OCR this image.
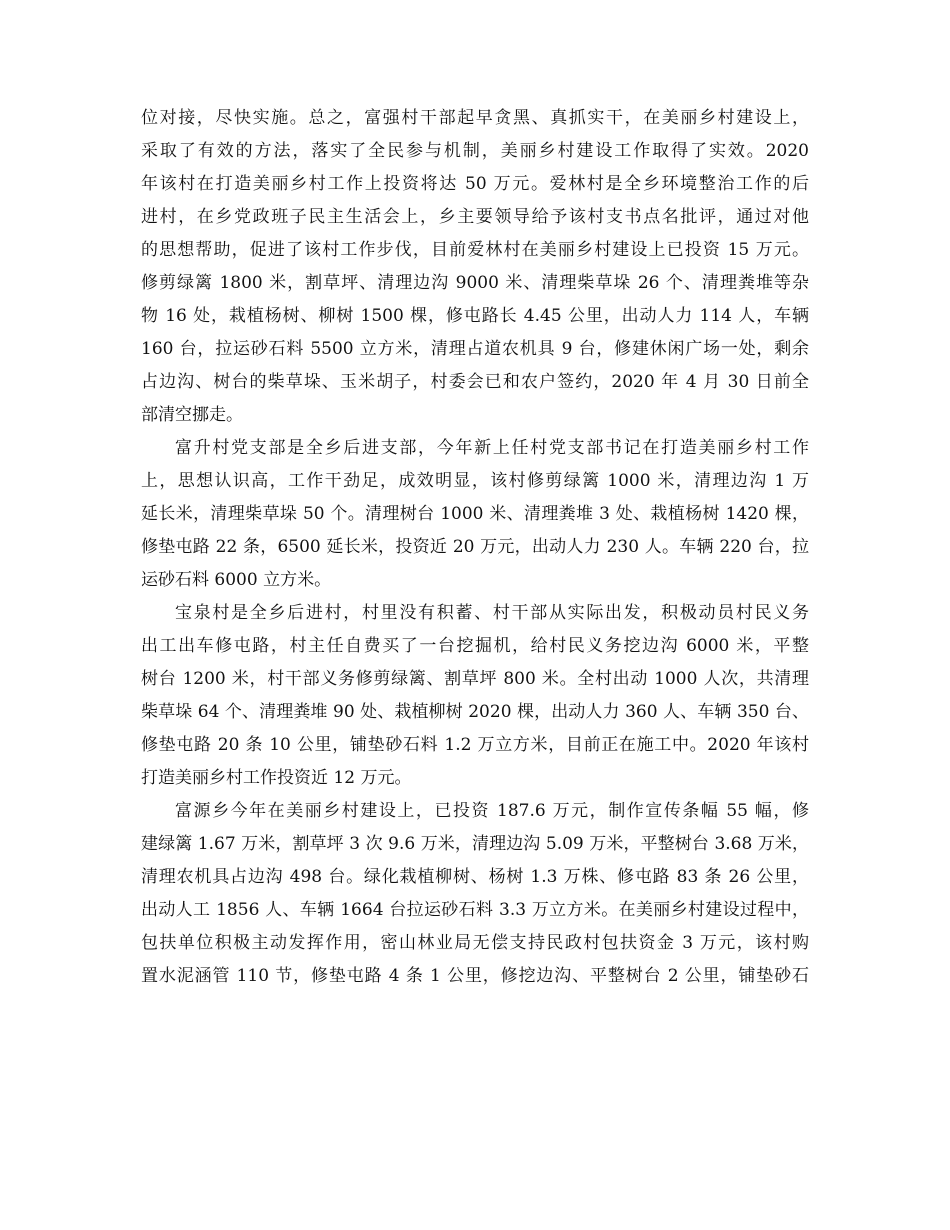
位对接，尽快实施。总之，富强村干部起早贪黑、真抓实干，在美丽乡村建设上，
采取了有效的方法，落实了全民参与机制，美丽乡村建设工作取得了实效。2020
年该村在打造美丽乡村工作上投资将达 50 万元。爱林村是全乡环境整治工作的后
进村，在乡党政班子民主生活会上，乡主要领导给予该村支书点名批评，通过对他
的思想帮助，促进了该村工作步伐，目前爱林村在美丽乡村建设上已投资 15 万元。
修剪绿篱 1800 米，割草坪、清理边沟 9000 米、清理柴草垛 26 个、清理粪堆等杂
物 16 处，栽植杨树、柳树 1500 棵，修屯路长 4.45 公里，出动人力 114 人，车辆
160 台，拉运砂石料 5500 立方米，清理占道农机具 9 台，修建休闲广场一处，剩余
占边沟、树台的柴草垛、玉米胡子，村委会已和农户签约，2020 年 4 月 30 日前全
部清空挪走。
富升村党支部是全乡后进支部，今年新上任村党支部书记在打造美丽乡村工作
上，思想认识高，工作干劲足，成效明显，该村修剪绿篱 1000 米，清理边沟 1 万
延长米，清理柴草垛 50 个。清理树台 1000 米、清理粪堆 3 处、栽植杨树 1420 棵，
修垫屯路 22 条，6500 延长米，投资近 20 万元，出动人力 230 人。车辆 220 台，拉
运砂石料 6000 立方米。
宝泉村是全乡后进村，村里没有积蓄、村干部从实际出发，积极动员村民义务
出工出车修屯路，村主任自费买了一台挖掘机，给村民义务挖边沟 6000 米，平整
树台 1200 米，村干部义务修剪绿篱、割草坪 800 米。全村出动 1000 人次，共清理
柴草垛 64 个、清理粪堆 90 处、栽植柳树 2020 棵，出动人力 360 人、车辆 350 台、
修垫屯路 20 条 10 公里，铺垫砂石料 1.2 万立方米，目前正在施工中。2020 年该村
打造美丽乡村工作投资近 12 万元。
富源乡今年在美丽乡村建设上，已投资 187.6 万元，制作宣传条幅 55 幅，修
建绿篱 1.67 万米，割草坪 3 次 9.6 万米，清理边沟 5.09 万米，平整树台 3.68 万米，
清理农机具占边沟 498 台。绿化栽植柳树、杨树 1.3 万株、修屯路 83 条 26 公里，
出动人工 1856 人、车辆 1664 台拉运砂石料 3.3 万立方米。在美丽乡村建设过程中，
包扶单位积极主动发挥作用，密山林业局无偿支持民政村包扶资金 3 万元，该村购
置水泥涵管 110 节，修垫屯路 4 条 1 公里，修挖边沟、平整树台 2 公里，铺垫砂石
